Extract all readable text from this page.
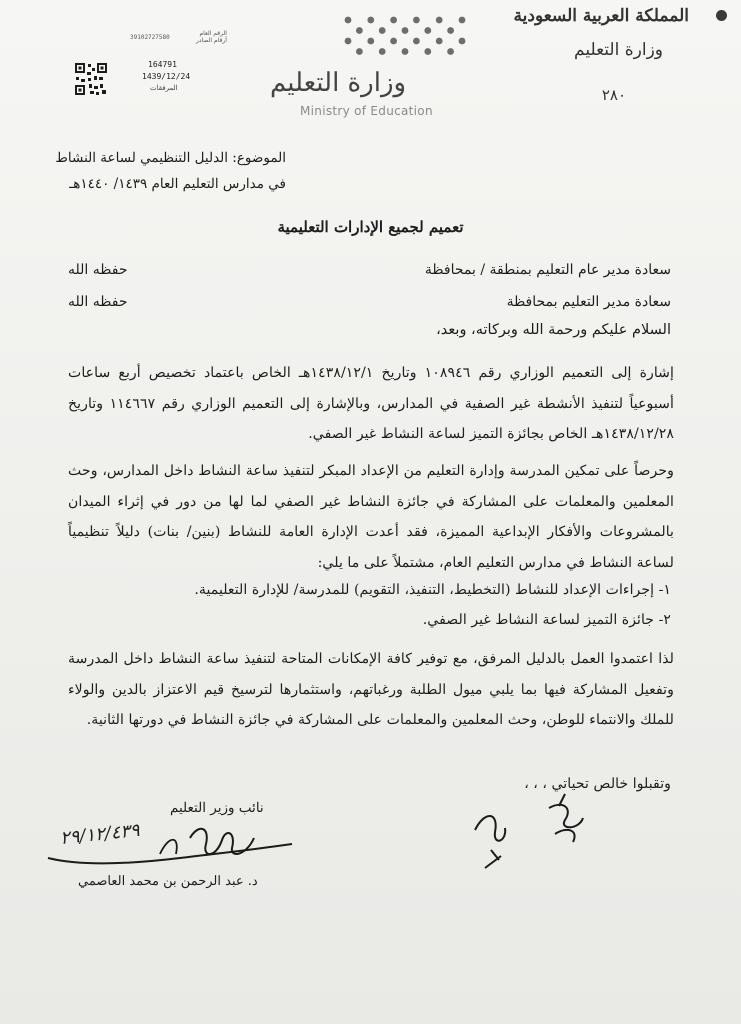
المملكة العربية السعودية
وزارة التعليم
٢٨٠
وزارة التعليم
Ministry of Education
الرقم العام
أرقام الصادر
39102727580
164791
1439/12/24
المرفقات
الموضوع: الدليل التنظيمي لساعة النشاط
في مدارس التعليم العام ١٤٣٩/ ١٤٤٠هـ
تعميم لجميع الإدارات التعليمية
سعادة مدير عام التعليم بمنطقة / بمحافظة
حفظه الله
سعادة مدير التعليم بمحافظة
حفظه الله
السلام عليكم ورحمة الله وبركاته، وبعد،
إشارة إلى التعميم الوزاري رقم ١٠٨٩٤٦ وتاريخ ١٤٣٨/١٢/١هـ الخاص باعتماد تخصيص أربع ساعات أسبوعياً لتنفيذ الأنشطة غير الصفية في المدارس، وبالإشارة إلى التعميم الوزاري رقم ١١٤٦٦٧ وتاريخ ١٤٣٨/١٢/٢٨هـ الخاص بجائزة التميز لساعة النشاط غير الصفي.
وحرصاً على تمكين المدرسة وإدارة التعليم من الإعداد المبكر لتنفيذ ساعة النشاط داخل المدارس، وحث المعلمين والمعلمات على المشاركة في جائزة النشاط غير الصفي لما لها من دور في إثراء الميدان بالمشروعات والأفكار الإبداعية المميزة، فقد أعدت الإدارة العامة للنشاط (بنين/ بنات) دليلاً تنظيمياً لساعة النشاط في مدارس التعليم العام، مشتملاً على ما يلي:
١- إجراءات الإعداد للنشاط (التخطيط، التنفيذ، التقويم) للمدرسة/ للإدارة التعليمية.
٢- جائزة التميز لساعة النشاط غير الصفي.
لذا اعتمدوا العمل بالدليل المرفق، مع توفير كافة الإمكانات المتاحة لتنفيذ ساعة النشاط داخل المدرسة وتفعيل المشاركة فيها بما يلبي ميول الطلبة ورغباتهم، واستثمارها لترسيخ قيم الاعتزاز بالدين والولاء للملك والانتماء للوطن، وحث المعلمين والمعلمات على المشاركة في جائزة النشاط في دورتها الثانية.
وتقبلوا خالص تحياتي ، ، ،
نائب وزير التعليم
٢٩/١٢/٤٣٩
د. عبد الرحمن بن محمد العاصمي
